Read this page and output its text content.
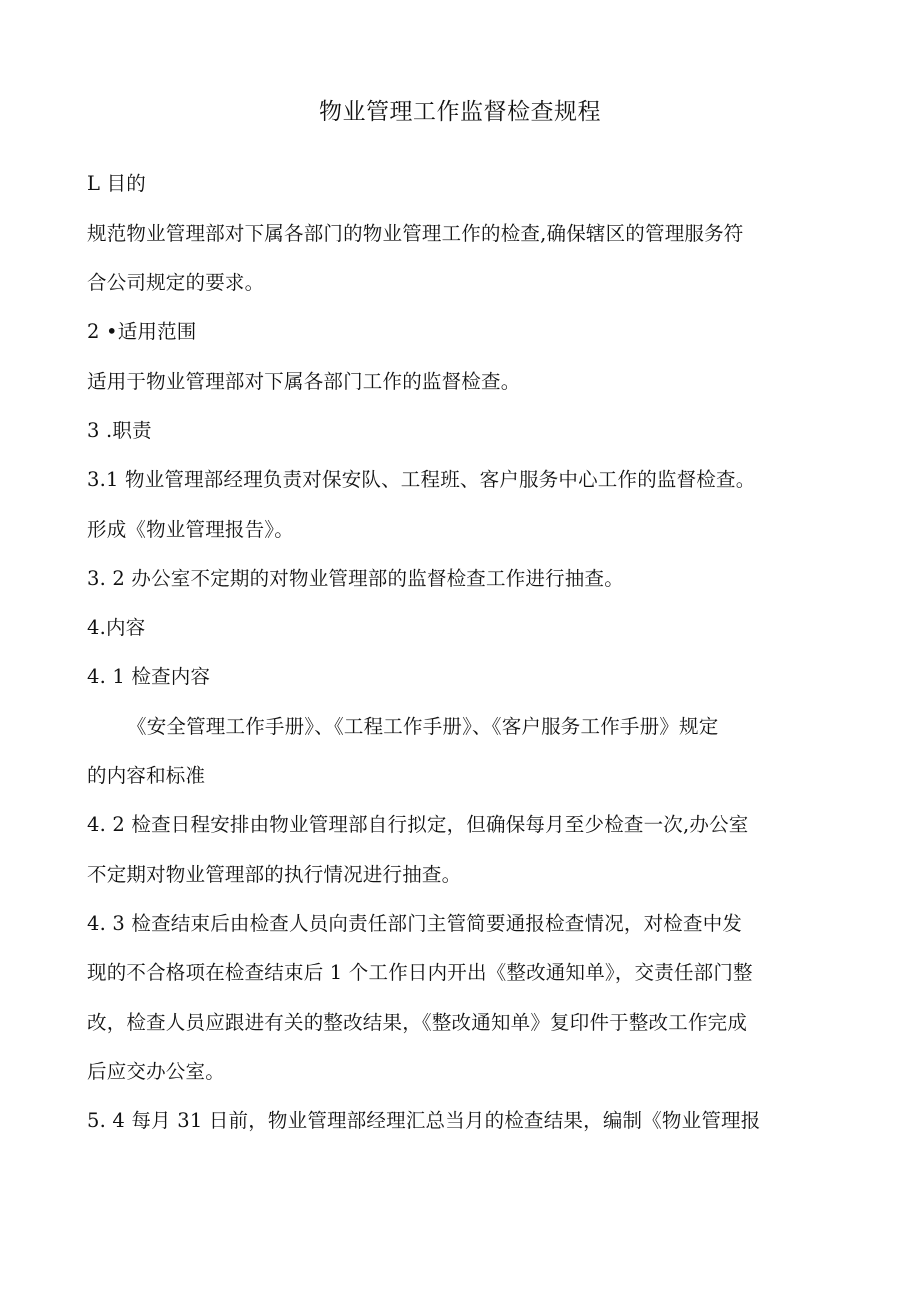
物业管理工作监督检查规程
L 目的
规范物业管理部对下属各部门的物业管理工作的检查,确保辖区的管理服务符
合公司规定的要求。
2 •适用范围
适用于物业管理部对下属各部门工作的监督检查。
3 .职责
3.1 物业管理部经理负责对保安队、工程班、客户服务中心工作的监督检查。
形成《物业管理报告》。
3. 2 办公室不定期的对物业管理部的监督检查工作进行抽查。
4.内容
4. 1 检查内容
《安全管理工作手册》、《工程工作手册》、《客户服务工作手册》规定
的内容和标准
4. 2 检查日程安排由物业管理部自行拟定，但确保每月至少检查一次,办公室
不定期对物业管理部的执行情况进行抽查。
4. 3 检查结束后由检查人员向责任部门主管简要通报检查情况，对检查中发
现的不合格项在检查结束后 1 个工作日内开出《整改通知单》，交责任部门整
改，检查人员应跟进有关的整改结果，《整改通知单》复印件于整改工作完成
后应交办公室。
5. 4 每月 31 日前，物业管理部经理汇总当月的检查结果，编制《物业管理报
